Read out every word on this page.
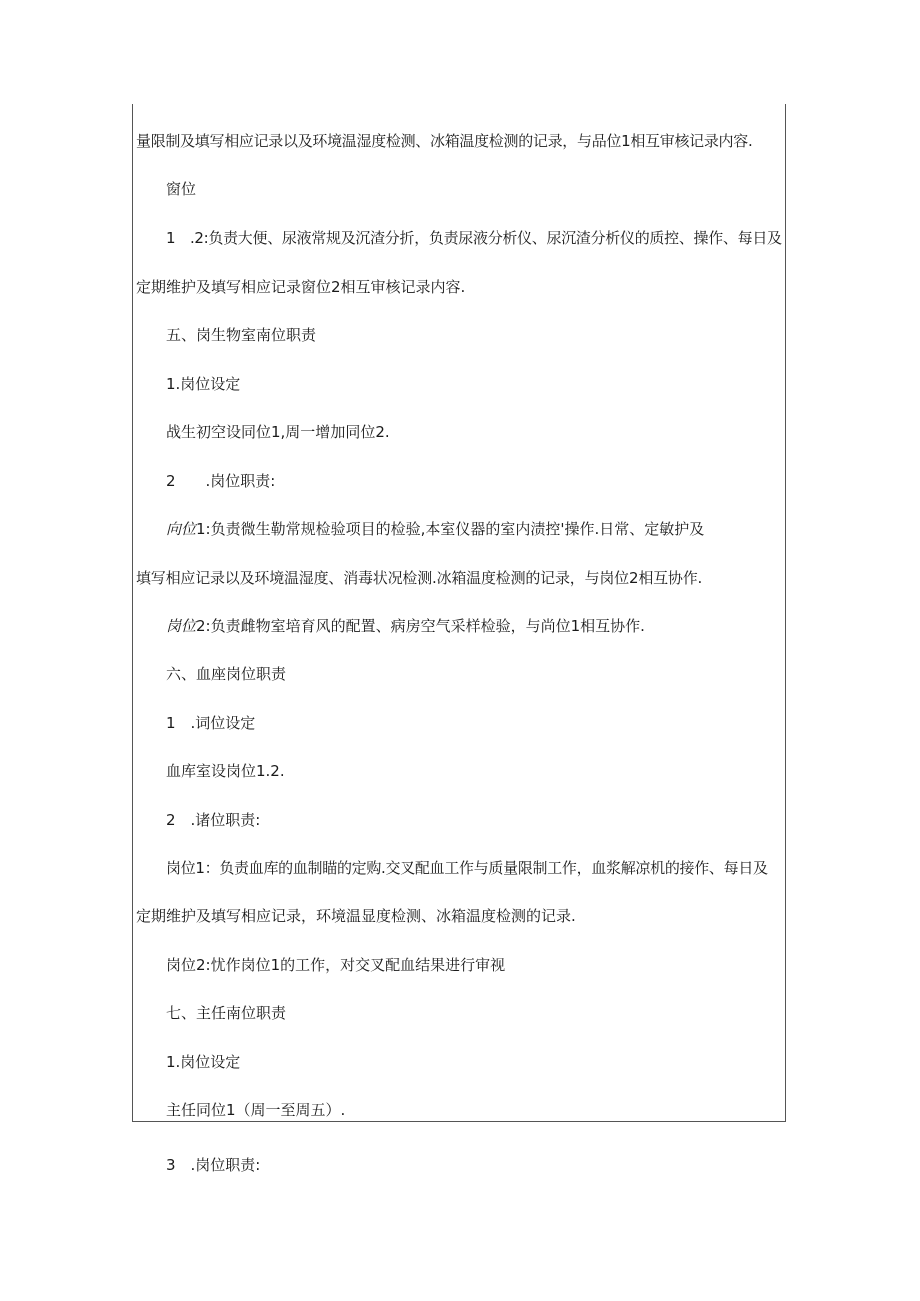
量限制及填写相应记录以及环境温湿度检测、冰箱温度检测的记录，与品位1相互审核记录内容.
窗位
1　.2:负责大便、尿液常规及沉渣分折，负责尿液分析仪、尿沉渣分析仪的质控、操作、每日及
定期维护及填写相应记录窗位2相互审核记录内容.
五、岗生物室南位职责
1.岗位设定
战生初空设同位1,周一增加同位2.
2　　.岗位职责:
向位1:负责微生勒常规检验项目的检验,本室仪器的室内渍控'操作.日常、定敏护及
填写相应记录以及环境温湿度、消毒状况检测.冰箱温度检测的记录，与岗位2相互协作.
岗位2:负责雌物室培育风的配置、病房空气采样检验，与尚位1相互协作.
六、血座岗位职责
1　.词位设定
血库室设岗位1.2.
2　.诸位职责:
岗位1：负责血库的血制瞄的定购.交叉配血工作与质量限制工作，血浆解凉机的接作、每日及
定期维护及填写相应记录，环境温显度检测、冰箱温度检测的记录.
岗位2:忧作岗位1的工作，对交叉配血结果进行审视
七、主任南位职责
1.岗位设定
主任同位1（周一至周五）.
3　.岗位职责:
